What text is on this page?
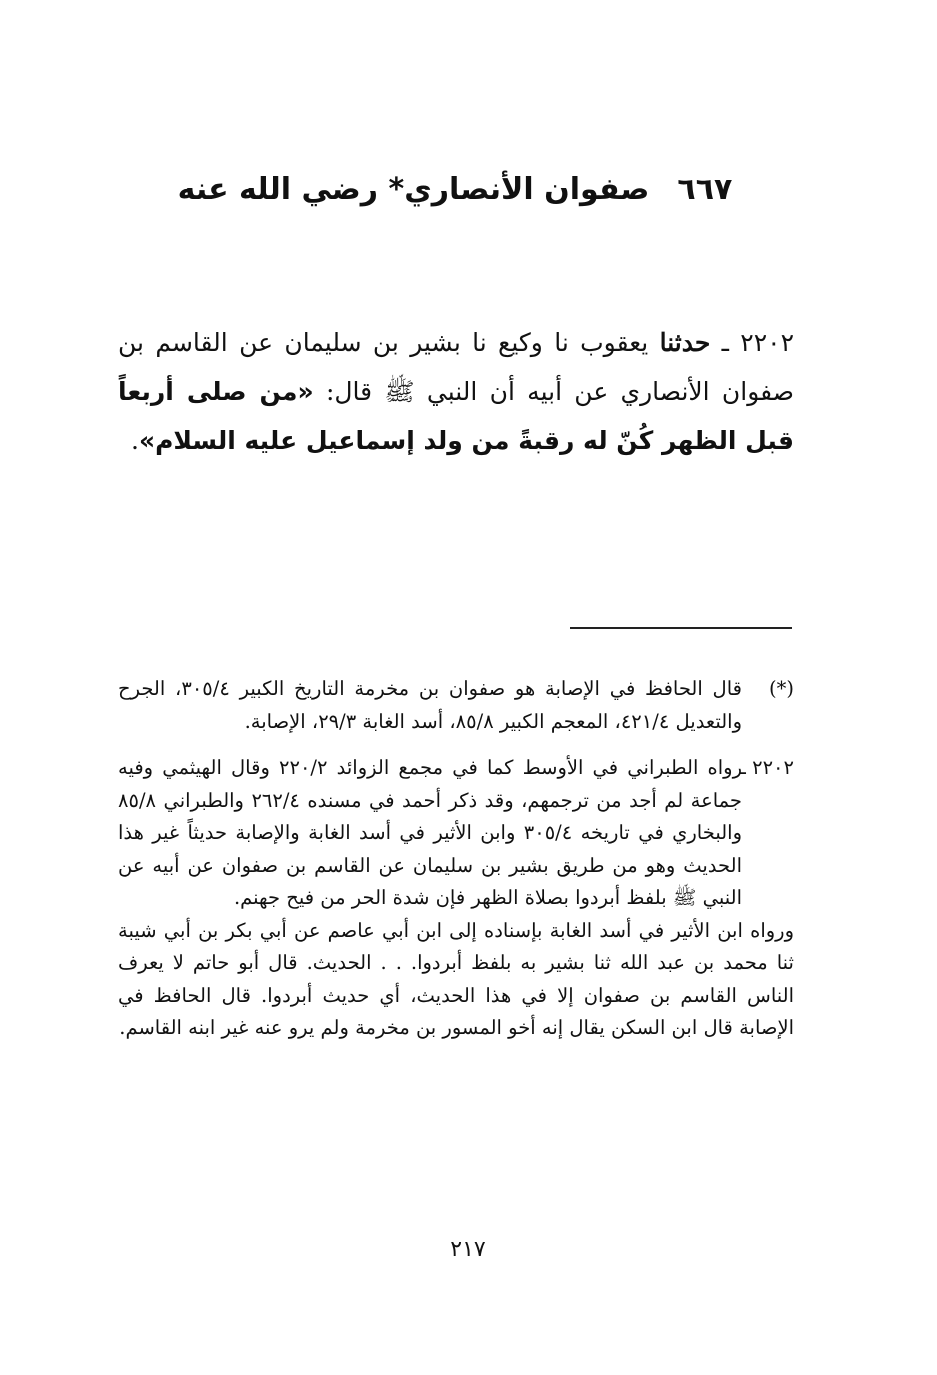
٦٦٧صفوان الأنصاري* رضي الله عنه
٢٢٠٢ ـ حدثنا يعقوب نا وكيع نا بشير بن سليمان عن القاسم بن صفوان الأنصاري عن أبيه أن النبي ﷺ قال: «من صلى أربعاً قبل الظهر كُنّ له رقبةً من ولد إسماعيل عليه السلام».
(*)
قال الحافظ في الإصابة هو صفوان بن مخرمة التاريخ الكبير ٣٠٥/٤، الجرح والتعديل ٤٢١/٤، المعجم الكبير ٨٥/٨، أسد الغابة ٢٩/٣، الإصابة.
٢٢٠٢ ـ
رواه الطبراني في الأوسط كما في مجمع الزوائد ٢٢٠/٢ وقال الهيثمي وفيه جماعة لم أجد من ترجمهم، وقد ذكر أحمد في مسنده ٢٦٢/٤ والطبراني ٨٥/٨ والبخاري في تاريخه ٣٠٥/٤ وابن الأثير في أسد الغابة والإصابة حديثاً غير هذا الحديث وهو من طريق بشير بن سليمان عن القاسم بن صفوان عن أبيه عن النبي ﷺ بلفظ أبردوا بصلاة الظهر فإن شدة الحر من فيح جهنم.
ورواه ابن الأثير في أسد الغابة بإسناده إلى ابن أبي عاصم عن أبي بكر بن أبي شيبة ثنا محمد بن عبد الله ثنا بشير به بلفظ أبردوا. . . الحديث. قال أبو حاتم لا يعرف الناس القاسم بن صفوان إلا في هذا الحديث، أي حديث أبردوا. قال الحافظ في الإصابة قال ابن السكن يقال إنه أخو المسور بن مخرمة ولم يرو عنه غير ابنه القاسم.
٢١٧
